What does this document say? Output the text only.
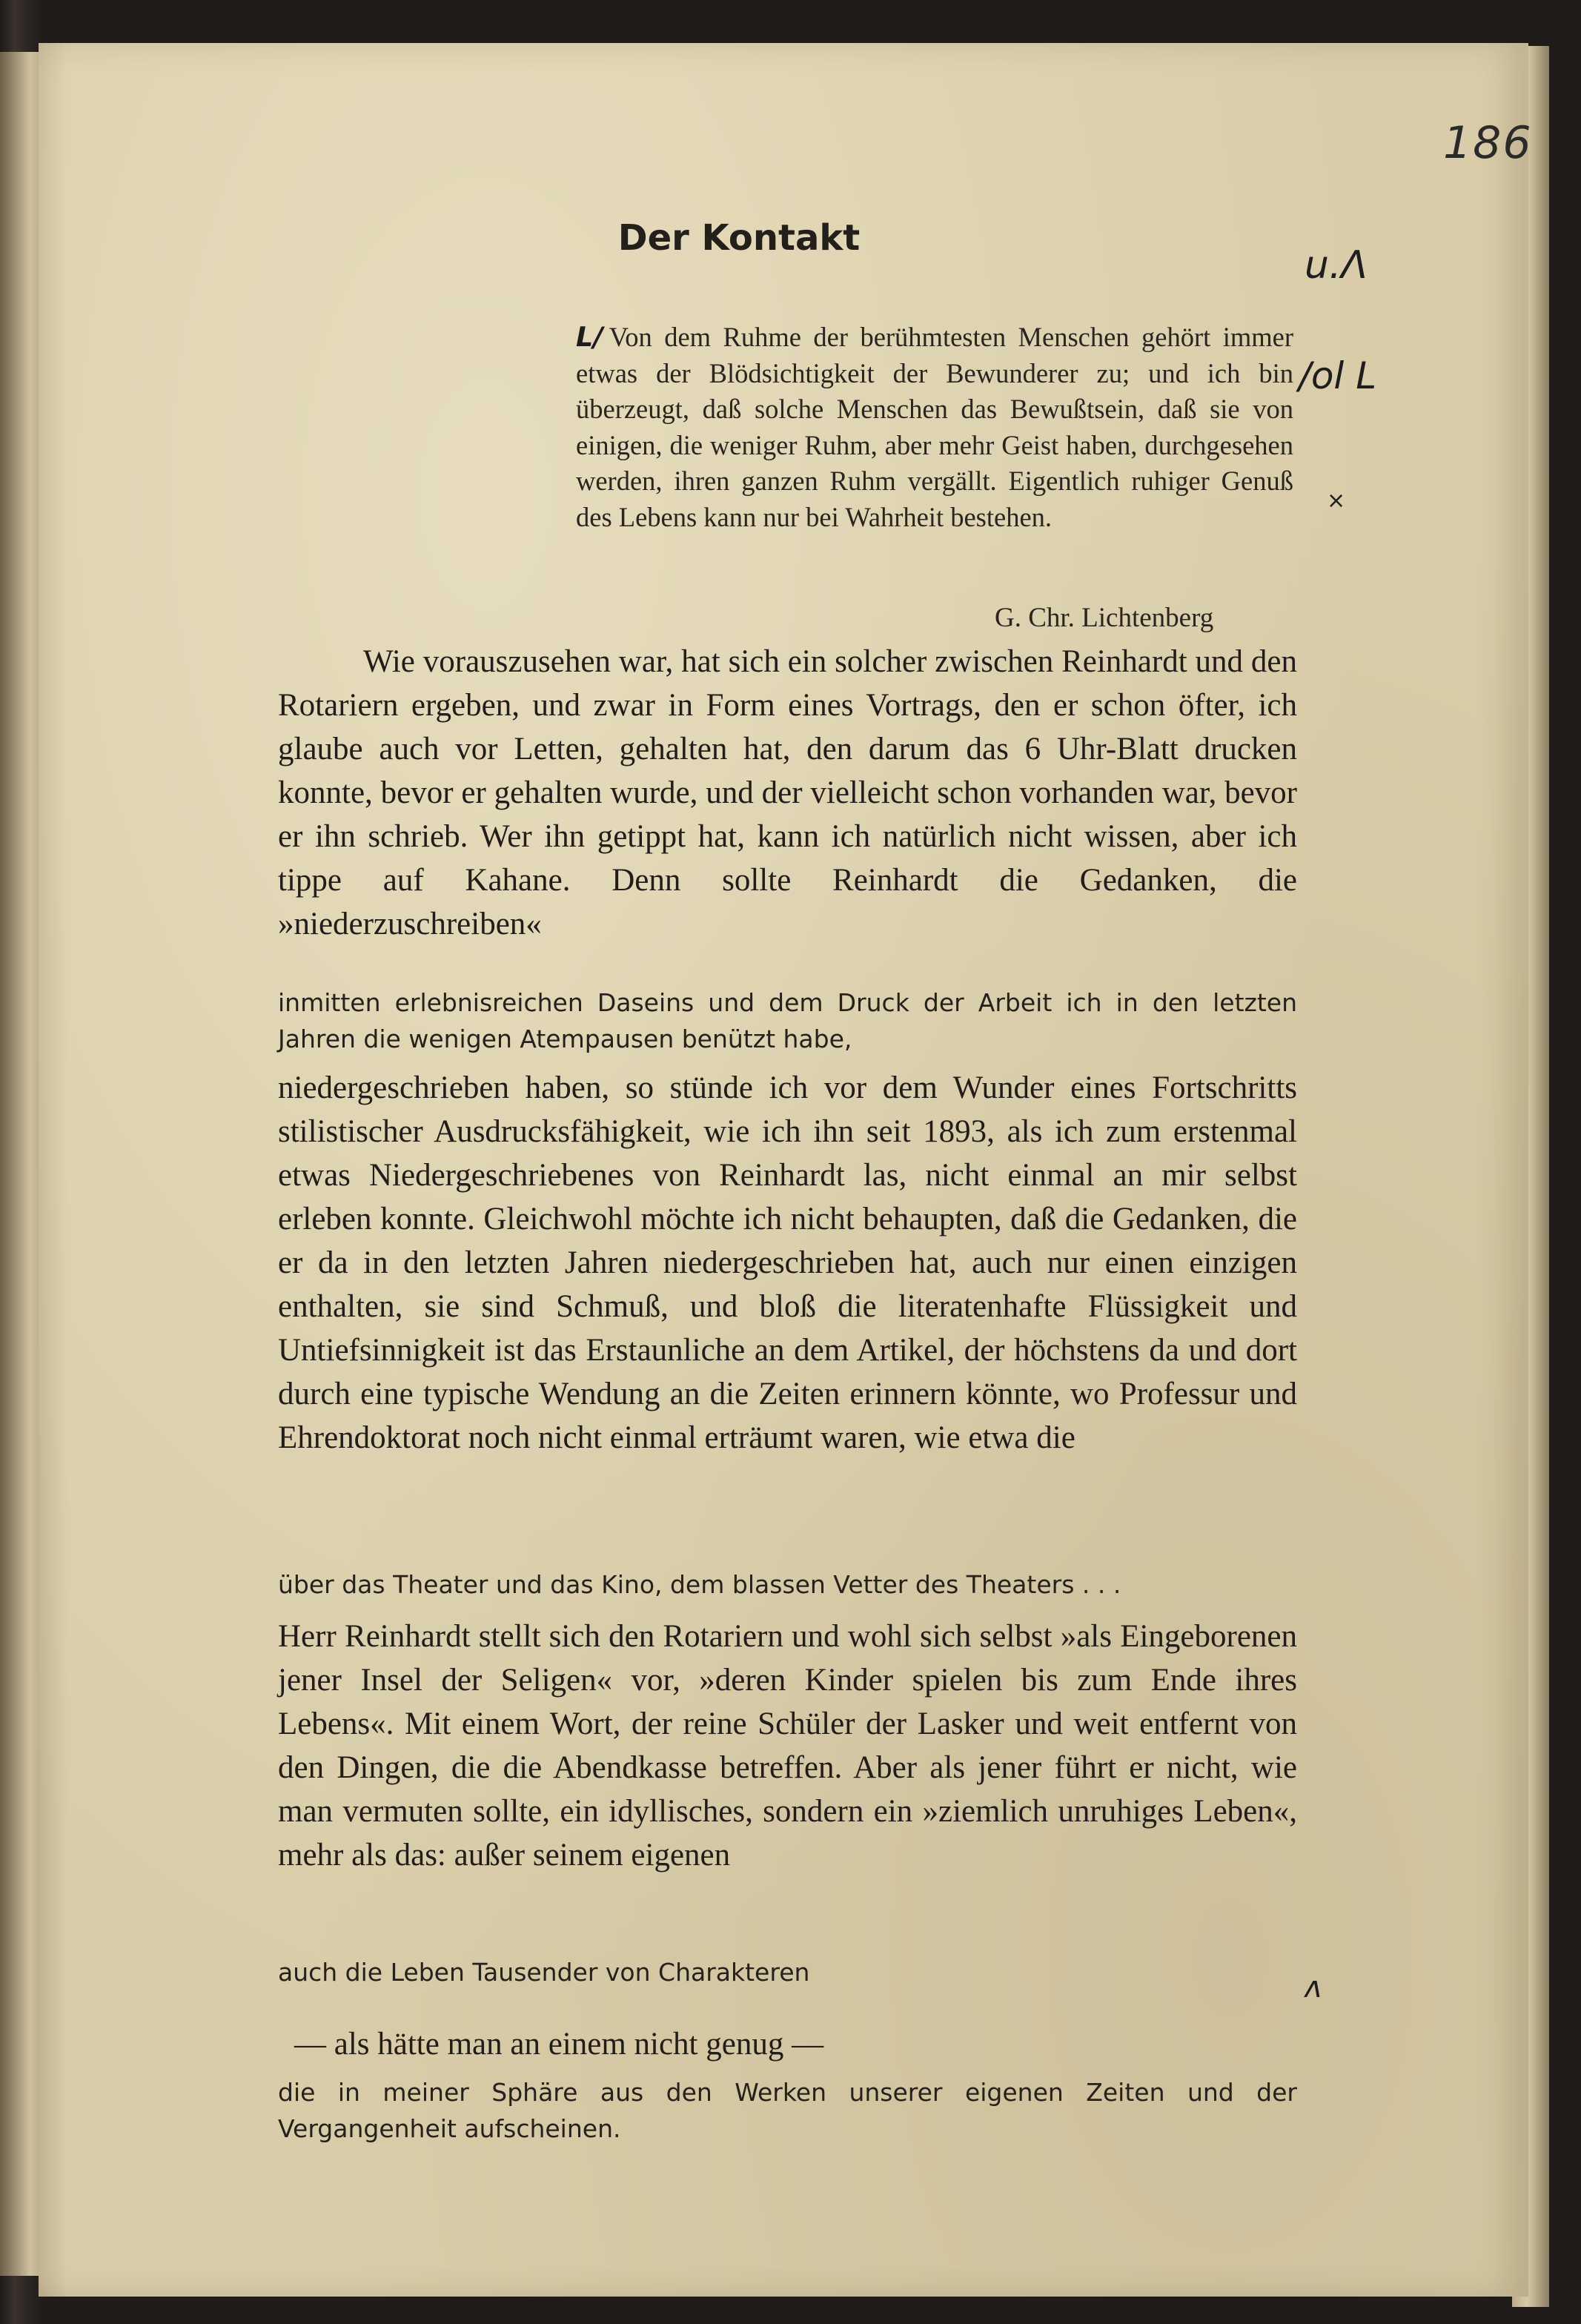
186
Der Kontakt
L/ Von dem Ruhme der berühmtesten Menschen gehört immer etwas der Blödsichtigkeit der Bewunderer zu; und ich bin überzeugt, daß solche Menschen das Bewußtsein, daß sie von einigen, die weniger Ruhm, aber mehr Geist haben, durchgesehen werden, ihren ganzen Ruhm vergällt. Eigentlich ruhiger Genuß des Lebens kann nur bei Wahrheit bestehen.
G. Chr. Lichtenberg
Wie vorauszusehen war, hat sich ein solcher zwischen Reinhardt und den Rotariern ergeben, und zwar in Form eines Vortrags, den er schon öfter, ich glaube auch vor Letten, gehalten hat, den darum das 6 Uhr-Blatt drucken konnte, bevor er gehalten wurde, und der vielleicht schon vorhanden war, bevor er ihn schrieb. Wer ihn getippt hat, kann ich natürlich nicht wissen, aber ich tippe auf Kahane. Denn sollte Reinhardt die Gedanken, die »niederzuschreiben«
inmitten erlebnisreichen Daseins und dem Druck der Arbeit ich in den letzten Jahren die wenigen Atempausen benützt habe,
niedergeschrieben haben, so stünde ich vor dem Wunder eines Fortschritts stilistischer Ausdrucksfähigkeit, wie ich ihn seit 1893, als ich zum erstenmal etwas Niedergeschriebenes von Reinhardt las, nicht einmal an mir selbst erleben konnte. Gleichwohl möchte ich nicht behaupten, daß die Gedanken, die er da in den letzten Jahren niedergeschrieben hat, auch nur einen einzigen enthalten, sie sind Schmuß, und bloß die literatenhafte Flüssigkeit und Untiefsinnigkeit ist das Erstaunliche an dem Artikel, der höchstens da und dort durch eine typische Wendung an die Zeiten erinnern könnte, wo Professur und Ehrendoktorat noch nicht einmal erträumt waren, wie etwa die
über das Theater und das Kino, dem blassen Vetter des Theaters . . .
Herr Reinhardt stellt sich den Rotariern und wohl sich selbst »als Eingeborenen jener Insel der Seligen« vor, »deren Kinder spielen bis zum Ende ihres Lebens«. Mit einem Wort, der reine Schüler der Lasker und weit entfernt von den Dingen, die die Abendkasse betreffen. Aber als jener führt er nicht, wie man vermuten sollte, ein idyllisches, sondern ein »ziemlich unruhiges Leben«, mehr als das: außer seinem eigenen
auch die Leben Tausender von Charakteren
— als hätte man an einem nicht genug —
die in meiner Sphäre aus den Werken unserer eigenen Zeiten und der Vergangenheit aufscheinen.
u.Λ
/ol L
×
ʌ
